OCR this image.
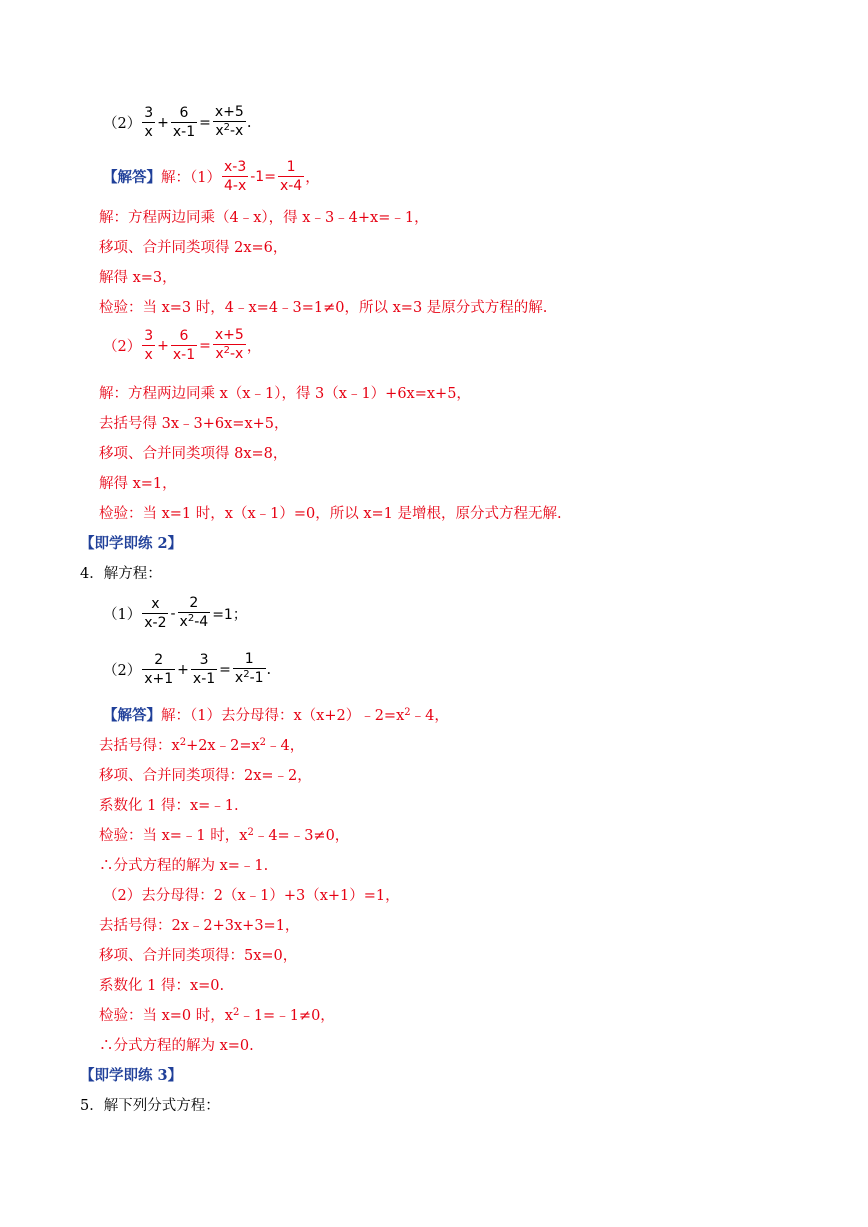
$(2) \frac{3}{x} + \frac{6}{x-1} = \frac{x+5}{x^2-x}$ .
【解答】 解：$(1) \frac{x-3}{4-x} -1= \frac{1}{x-4}$ ，
解：方程两边同乘（4﹣x），得 x﹣3﹣4+x=﹣1，
移项、合并同类项得 2x=6，
解得 x=3，
检验：当 x=3 时，4﹣x=4﹣3=1≠0，所以 x=3 是原分式方程的解.
$(2) \frac{3}{x} + \frac{6}{x-1} = \frac{x+5}{x^2-x}$ ，
解：方程两边同乘 x（x﹣1），得 3（x﹣1）+6x=x+5，
去括号得 3x﹣3+6x=x+5，
移项、合并同类项得 8x=8，
解得 x=1，
检验：当 x=1 时，x（x﹣1）=0，所以 x=1 是增根，原分式方程无解.
【即学即练 2】
4．解方程：
$(1) \frac{x}{x-2} - \frac{2}{x^2-4} =1$；
$(2) \frac{2}{x+1} + \frac{3}{x-1} = \frac{1}{x^2-1}$ .
【解答】解：（1）去分母得：$x(x+2)﹣2=x^2﹣4$，
去括号得：$x^2+2x﹣2=x^2﹣4$，
移项、合并同类项得：2x=﹣2，
系数化 1 得：x=﹣1.
检验：当 x=﹣1 时，$x^2﹣4=﹣3\ne 0$，
∴分式方程的解为 x=﹣1.
（2）去分母得：2（x﹣1）+3（x+1）=1，
去括号得：2x﹣2+3x+3=1，
移项、合并同类项得：5x=0，
系数化 1 得：x=0.
检验：当 x=0 时，$x^2﹣1=﹣1\ne 0$，
∴分式方程的解为 x=0.
【即学即练 3】
5．解下列分式方程：
